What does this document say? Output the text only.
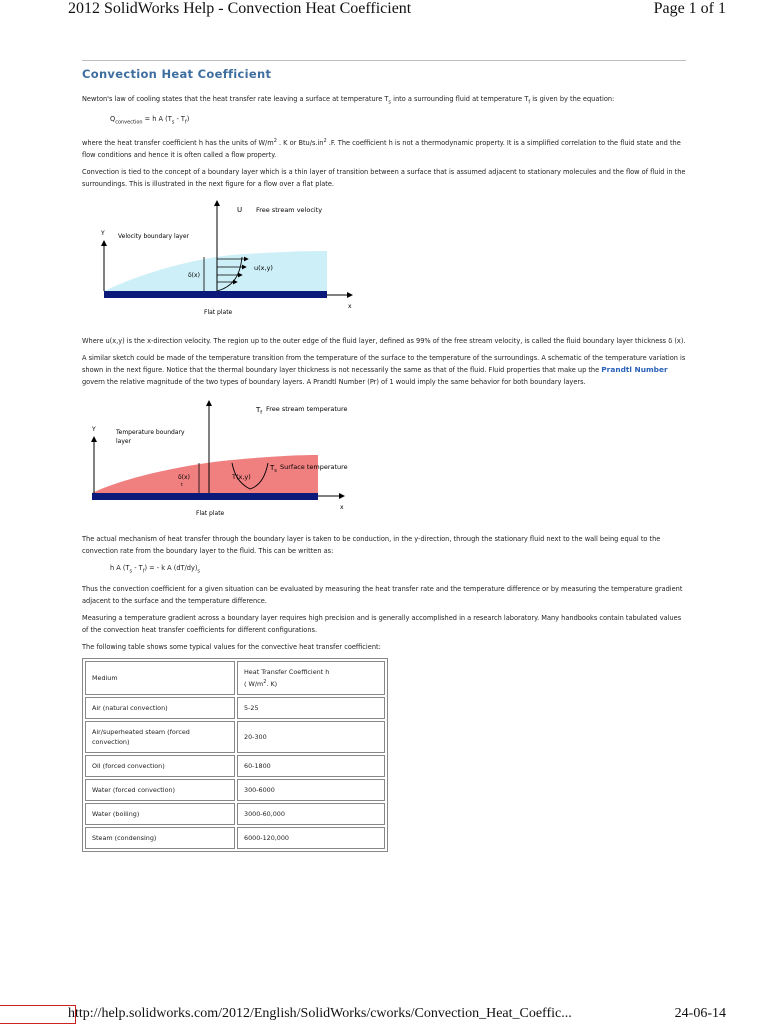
2012 SolidWorks Help - Convection Heat Coefficient	Page 1 of 1
Convection Heat Coefficient

Newton's law of cooling states that the heat transfer rate leaving a surface at temperature $T_s$ into a surrounding fluid at temperature $T_f$ is given by the equation:

$Q_{convection} = h$ A $(T_s - T_f)$

where the heat transfer coefficient h has the units of $W/m^2$ . K or Btu/$s.in^2$ .F. The coefficient h is not a thermodynamic property. It is a simplified correlation to the fluid state and the flow conditions and hence it is often called a flow property.

Convection is tied to the concept of a boundary layer which is a thin layer of transition between a surface that is assumed adjacent to stationary molecules and the flow of fluid in the surroundings. This is illustrated in the next figure for a flow over a flat plate.

Y
x
U Free stream velocity
Velocity boundary layer
δ(x)
u(x,y)
Flat plate

Where u(x,y) is the x-direction velocity. The region up to the outer edge of the fluid layer, defined as 99% of the free stream velocity, is called the fluid boundary layer thickness δ (x).

A similar sketch could be made of the temperature transition from the temperature of the surface to the temperature of the surroundings. A schematic of the temperature variation is shown in the next figure. Notice that the thermal boundary layer thickness is not necessarily the same as that of the fluid. Fluid properties that make up the Prandtl Number govern the relative magnitude of the two types of boundary layers. A Prandtl Number (Pr) of 1 would imply the same behavior for both boundary layers.

Y
x
$T_f$ Free stream temperature
Temperature boundary
layer
δ(x)
t
T(x,y)
$T_s$ Surface temperature
Flat plate

The actual mechanism of heat transfer through the boundary layer is taken to be conduction, in the y-direction, through the stationary fluid next to the wall being equal to the convection rate from the boundary layer to the fluid. This can be written as:

h A $(T_s - T_f)$ = - k A $(dT/dy)_s$

Thus the convection coefficient for a given situation can be evaluated by measuring the heat transfer rate and the temperature difference or by measuring the temperature gradient adjacent to the surface and the temperature difference.

Measuring a temperature gradient across a boundary layer requires high precision and is generally accomplished in a research laboratory. Many handbooks contain tabulated values of the convection heat transfer coefficients for different configurations.

The following table shows some typical values for the convective heat transfer coefficient:

Medium	Heat Transfer Coefficient h
( $W/m^2$. K)

Air (natural convection)	5-25
Air/superheated steam (forced convection)	20-300
Oil (forced convection)	60-1800
Water (forced convection)	300-6000
Water (boiling)	3000-60,000
Steam (condensing)	6000-120,000
http://help.solidworks.com/2012/English/SolidWorks/cworks/Convection_Heat_Coeffic...	24-06-14
